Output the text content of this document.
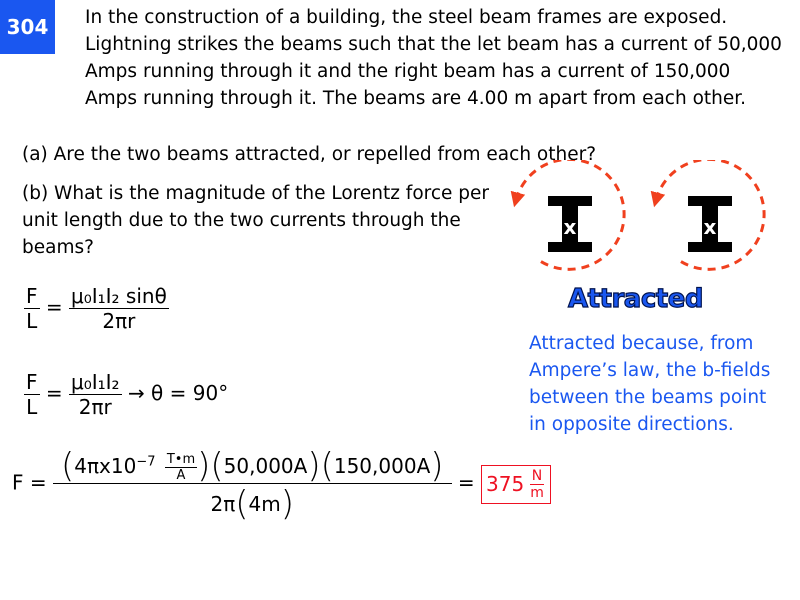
304	In the construction of a building, the steel beam frames are exposed. Lightning strikes the beams such that the let beam has a current of 50,000 Amps running through it and the right beam has a current of 150,000 Amps running through it. The beams are 4.00 m apart from each other.
(a) Are the two beams attracted, or repelled from each other?
(b) What is the magnitude of the Lorentz force per unit length due to the two currents through the beams?
$\frac{F}{L} = \frac{\text{μ₀I₁I₂ sinθ}}{2\pi r}$
$\frac{F}{L} = \frac{\text{μ₀I₁I₂}}{2\pi r} \to \theta = 90^\circ$
$F = \frac{(4\pi x10^{-7} \frac{T•m}{A} )(50,000A)(150,000A)}{2\pi(4m)} = 375 \frac{N}{m}$
x	x
Attracted
Attracted because, from Ampere’s law, the b-fields between the beams point in opposite directions.
